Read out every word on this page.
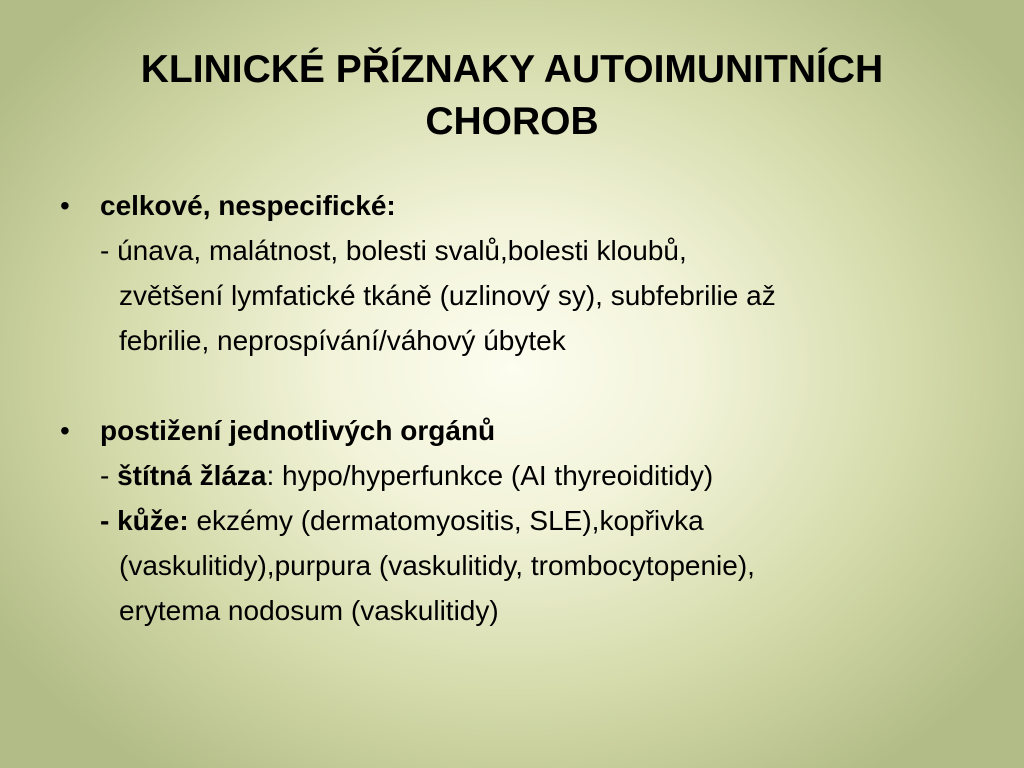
KLINICKÉ PŘÍZNAKY AUTOIMUNITNÍCH
CHOROB
• celkové, nespecifické:
- únava, malátnost, bolesti svalů,bolesti kloubů,
zvětšení lymfatické tkáně (uzlinový sy), subfebrilie až
febrilie, neprospívání/váhový úbytek
• postižení jednotlivých orgánů
- štítná žláza: hypo/hyperfunkce (AI thyreoiditidy)
- kůže: ekzémy (dermatomyositis, SLE),kopřivka
(vaskulitidy),purpura (vaskulitidy, trombocytopenie),
erytema nodosum (vaskulitidy)
